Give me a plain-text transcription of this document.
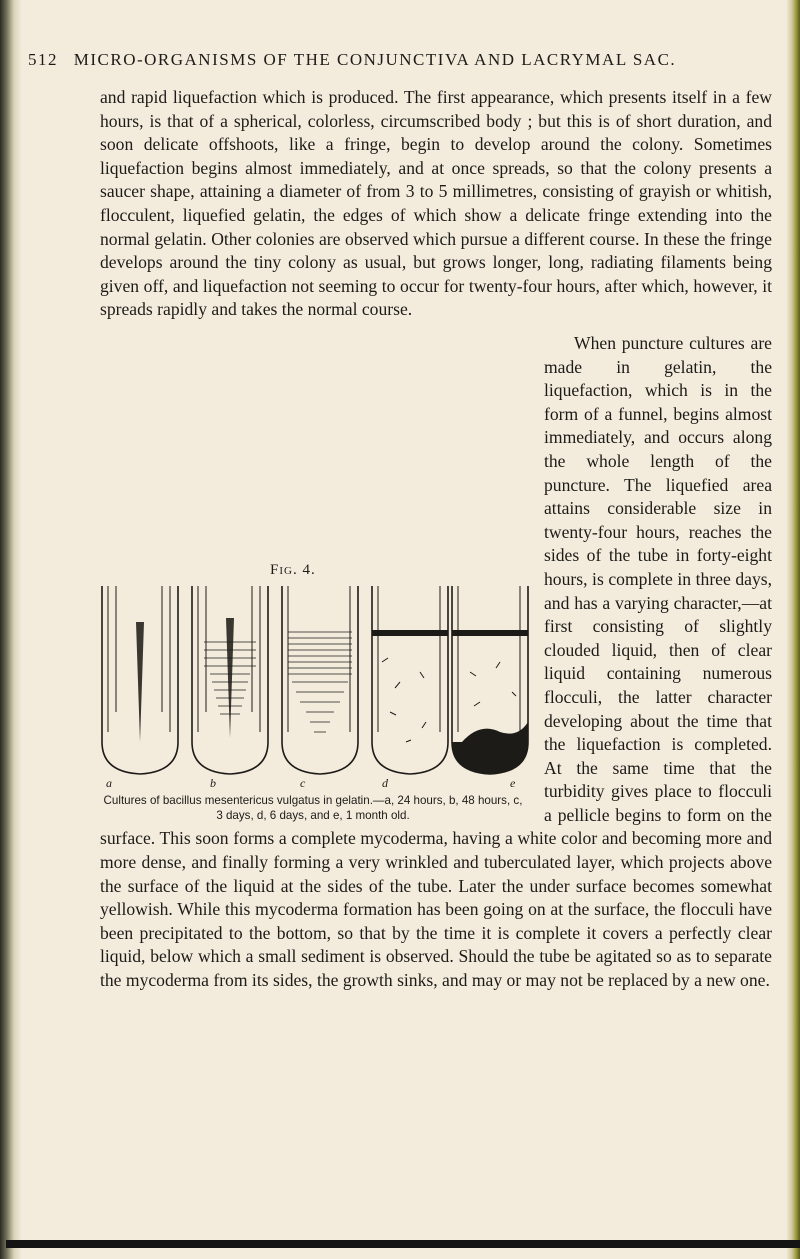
512 MICRO-ORGANISMS OF THE CONJUNCTIVA AND LACRYMAL SAC.

and rapid liquefaction which is produced. The first appearance, which presents itself in a few hours, is that of a spherical, colorless, circumscribed body ; but this is of short duration, and soon delicate offshoots, like a fringe, begin to develop around the colony. Sometimes liquefaction begins almost immediately, and at once spreads, so that the colony presents a saucer shape, attaining a diameter of from 3 to 5 millimetres, consisting of grayish or whitish, flocculent, liquefied gelatin, the edges of which show a delicate fringe extending into the normal gelatin. Other colonies are observed which pursue a different course. In these the fringe develops around the tiny colony as usual, but grows longer, long, radiating filaments being given off, and liquefaction not seeming to occur for twenty-four hours, after which, however, it spreads rapidly and takes the normal course.

When puncture cultures are made in gelatin, the liquefaction, which is in the form of a funnel, begins almost immediately, and occurs along the whole length of the puncture. The liquefied area attains considerable size in twenty-four hours, reaches the sides of the tube in forty-eight hours, is complete in three days, and has a varying character,—at first consisting of slightly clouded liquid, then of clear liquid containing numerous flocculi, the latter character developing about the time that the liquefaction is completed. At the same time that the turbidity gives place to flocculi a pellicle begins to form on the surface. This soon forms a complete mycoderma, having a white color and becoming more and more dense, and finally forming a very wrinkled and tuberculated layer, which projects above the surface of the liquid at the sides of the tube. Later the under surface becomes somewhat yellowish. While this mycoderma formation has been going on at the surface, the flocculi have been precipitated to the bottom, so that by the time it is complete it covers a perfectly clear liquid, below which a small sediment is observed. Should the tube be agitated so as to separate the mycoderma from its sides, the growth sinks, and may or may not be replaced by a new one.
Fig. 4.
a	b	c	d	e
Cultures of bacillus mesentericus vulgatus in gelatin.—a, 24 hours, b, 48 hours, c, 3 days, d, 6 days, and e, 1 month old.
